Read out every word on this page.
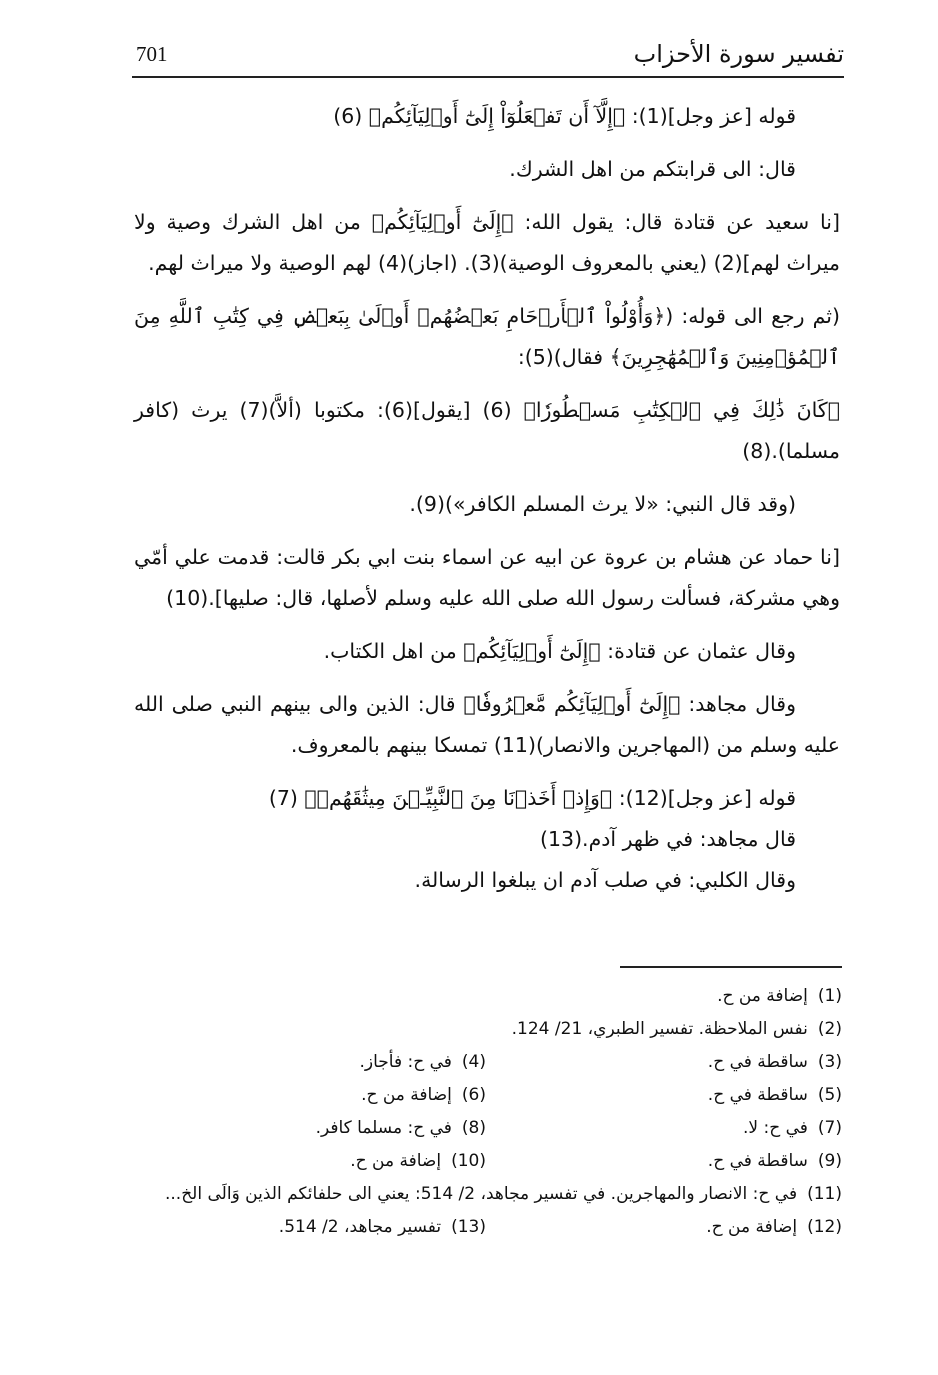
701	تفسير سورة الأحزاب

قوله [عز وجل](1): ﴿إِلَّآ أَن تَفۡعَلُوٓاْ إِلَىٰٓ أَوۡلِيَآئِكُم﴾ (6)

قال: الى قرابتكم من اهل الشرك.

[نا سعيد عن قتادة قال: يقول الله: ﴿إِلَىٰٓ أَوۡلِيَآئِكُم﴾ من اهل الشرك وصية ولا ميراث لهم](2) (يعني بالمعروف الوصية)(3). (اجاز)(4) لهم الوصية ولا ميراث لهم.

(ثم رجع الى قوله: (﴿وَأُوْلُواْ ٱلۡأَرۡحَامِ بَعۡضُهُمۡ أَوۡلَىٰ بِبَعۡضٖ فِي كِتَٰبِ ٱللَّهِ مِنَ ٱلۡمُؤۡمِنِينَ وَٱلۡمُهَٰجِرِينَ﴾ فقال)(5):

﴿كَانَ ذَٰلِكَ فِي ٱلۡكِتَٰبِ مَسۡطُورٗا﴾ (6) [يقول](6): مكتوبا (ألاَّ)(7) يرث (كافر مسلما).(8)

(وقد قال النبي: «لا يرث المسلم الكافر»)(9).

[نا حماد عن هشام بن عروة عن ابيه عن اسماء بنت ابي بكر قالت: قدمت علي أمّي وهي مشركة، فسألت رسول الله صلى الله عليه وسلم لأصلها، قال: صليها].(10)

وقال عثمان عن قتادة: ﴿إِلَىٰٓ أَوۡلِيَآئِكُم﴾ من اهل الكتاب.

وقال مجاهد: ﴿إِلَىٰٓ أَوۡلِيَآئِكُم مَّعۡرُوفٗا﴾ قال: الذين والى بينهم النبي صلى الله عليه وسلم من (المهاجرين والانصار)(11) تمسكا بينهم بالمعروف.

قوله [عز وجل](12): ﴿وَإِذۡ أَخَذۡنَا مِنَ ٱلنَّبِيِّـۧنَ مِيثَٰقَهُمۡ﴾ (7)

قال مجاهد: في ظهر آدم.(13)

وقال الكلبي: في صلب آدم ان يبلغوا الرسالة.

(1)إضافة من ح.
(2)نفس الملاحظة. تفسير الطبري، 21/ 124.
(3)ساقطة في ح.
(4)في ح: فأجاز.
(5)ساقطة في ح.
(6)إضافة من ح.
(7)في ح: لا.
(8)في ح: مسلما كافر.
(9)ساقطة في ح.
(10)إضافة من ح.
(11)في ح: الانصار والمهاجرين. في تفسير مجاهد، 2/ 514: يعني الى حلفائكم الذين وَالَى الخ...
(12)إضافة من ح.
(13)تفسير مجاهد، 2/ 514.
